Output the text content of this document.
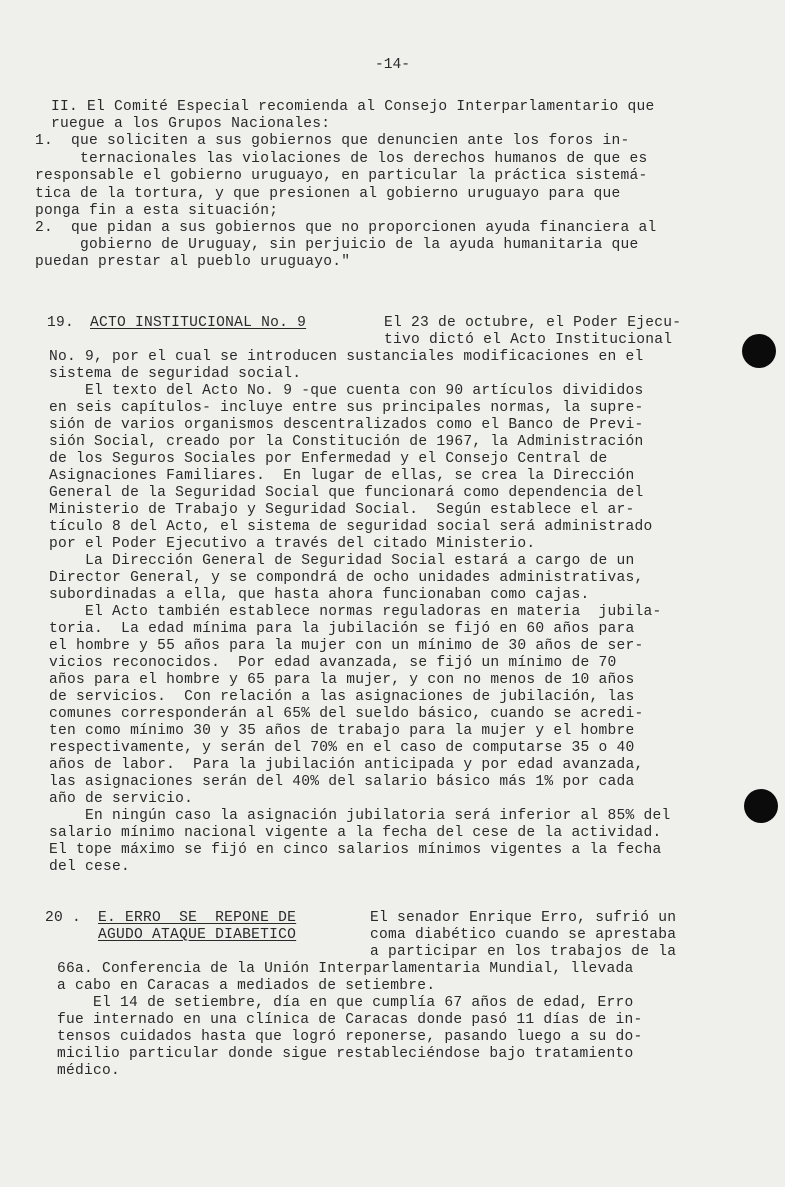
-14-
II. El Comité Especial recomienda al Consejo Interparlamentario que
ruegue a los Grupos Nacionales:
1.  que soliciten a sus gobiernos que denuncien ante los foros in-
ternacionales las violaciones de los derechos humanos de que es
responsable el gobierno uruguayo, en particular la práctica sistemá-
tica de la tortura, y que presionen al gobierno uruguayo para que
ponga fin a esta situación;
2.  que pidan a sus gobiernos que no proporcionen ayuda financiera al
gobierno de Uruguay, sin perjuicio de la ayuda humanitaria que
puedan prestar al pueblo uruguayo."
19. ACTO INSTITUCIONAL No. 9	El 23 de octubre, el Poder Ejecu-
tivo dictó el Acto Institucional
No. 9, por el cual se introducen sustanciales modificaciones en el
sistema de seguridad social.
El texto del Acto No. 9 -que cuenta con 90 artículos divididos
en seis capítulos- incluye entre sus principales normas, la supre-
sión de varios organismos descentralizados como el Banco de Previ-
sión Social, creado por la Constitución de 1967, la Administración
de los Seguros Sociales por Enfermedad y el Consejo Central de
Asignaciones Familiares.  En lugar de ellas, se crea la Dirección
General de la Seguridad Social que funcionará como dependencia del
Ministerio de Trabajo y Seguridad Social.  Según establece el ar-
tículo 8 del Acto, el sistema de seguridad social será administrado
por el Poder Ejecutivo a través del citado Ministerio.
La Dirección General de Seguridad Social estará a cargo de un
Director General, y se compondrá de ocho unidades administrativas,
subordinadas a ella, que hasta ahora funcionaban como cajas.
El Acto también establece normas reguladoras en materia  jubila-
toria.  La edad mínima para la jubilación se fijó en 60 años para
el hombre y 55 años para la mujer con un mínimo de 30 años de ser-
vicios reconocidos.  Por edad avanzada, se fijó un mínimo de 70
años para el hombre y 65 para la mujer, y con no menos de 10 años
de servicios.  Con relación a las asignaciones de jubilación, las
comunes corresponderán al 65% del sueldo básico, cuando se acredi-
ten como mínimo 30 y 35 años de trabajo para la mujer y el hombre
respectivamente, y serán del 70% en el caso de computarse 35 o 40
años de labor.  Para la jubilación anticipada y por edad avanzada,
las asignaciones serán del 40% del salario básico más 1% por cada
año de servicio.
En ningún caso la asignación jubilatoria será inferior al 85% del
salario mínimo nacional vigente a la fecha del cese de la actividad.
El tope máximo se fijó en cinco salarios mínimos vigentes a la fecha
del cese.
20 . E. ERRO  SE  REPONE DE
AGUDO ATAQUE DIABETICO
El senador Enrique Erro, sufrió un
coma diabético cuando se aprestaba
a participar en los trabajos de la
66a. Conferencia de la Unión Interparlamentaria Mundial, llevada
a cabo en Caracas a mediados de setiembre.
El 14 de setiembre, día en que cumplía 67 años de edad, Erro
fue internado en una clínica de Caracas donde pasó 11 días de in-
tensos cuidados hasta que logró reponerse, pasando luego a su do-
micilio particular donde sigue restableciéndose bajo tratamiento
médico.
